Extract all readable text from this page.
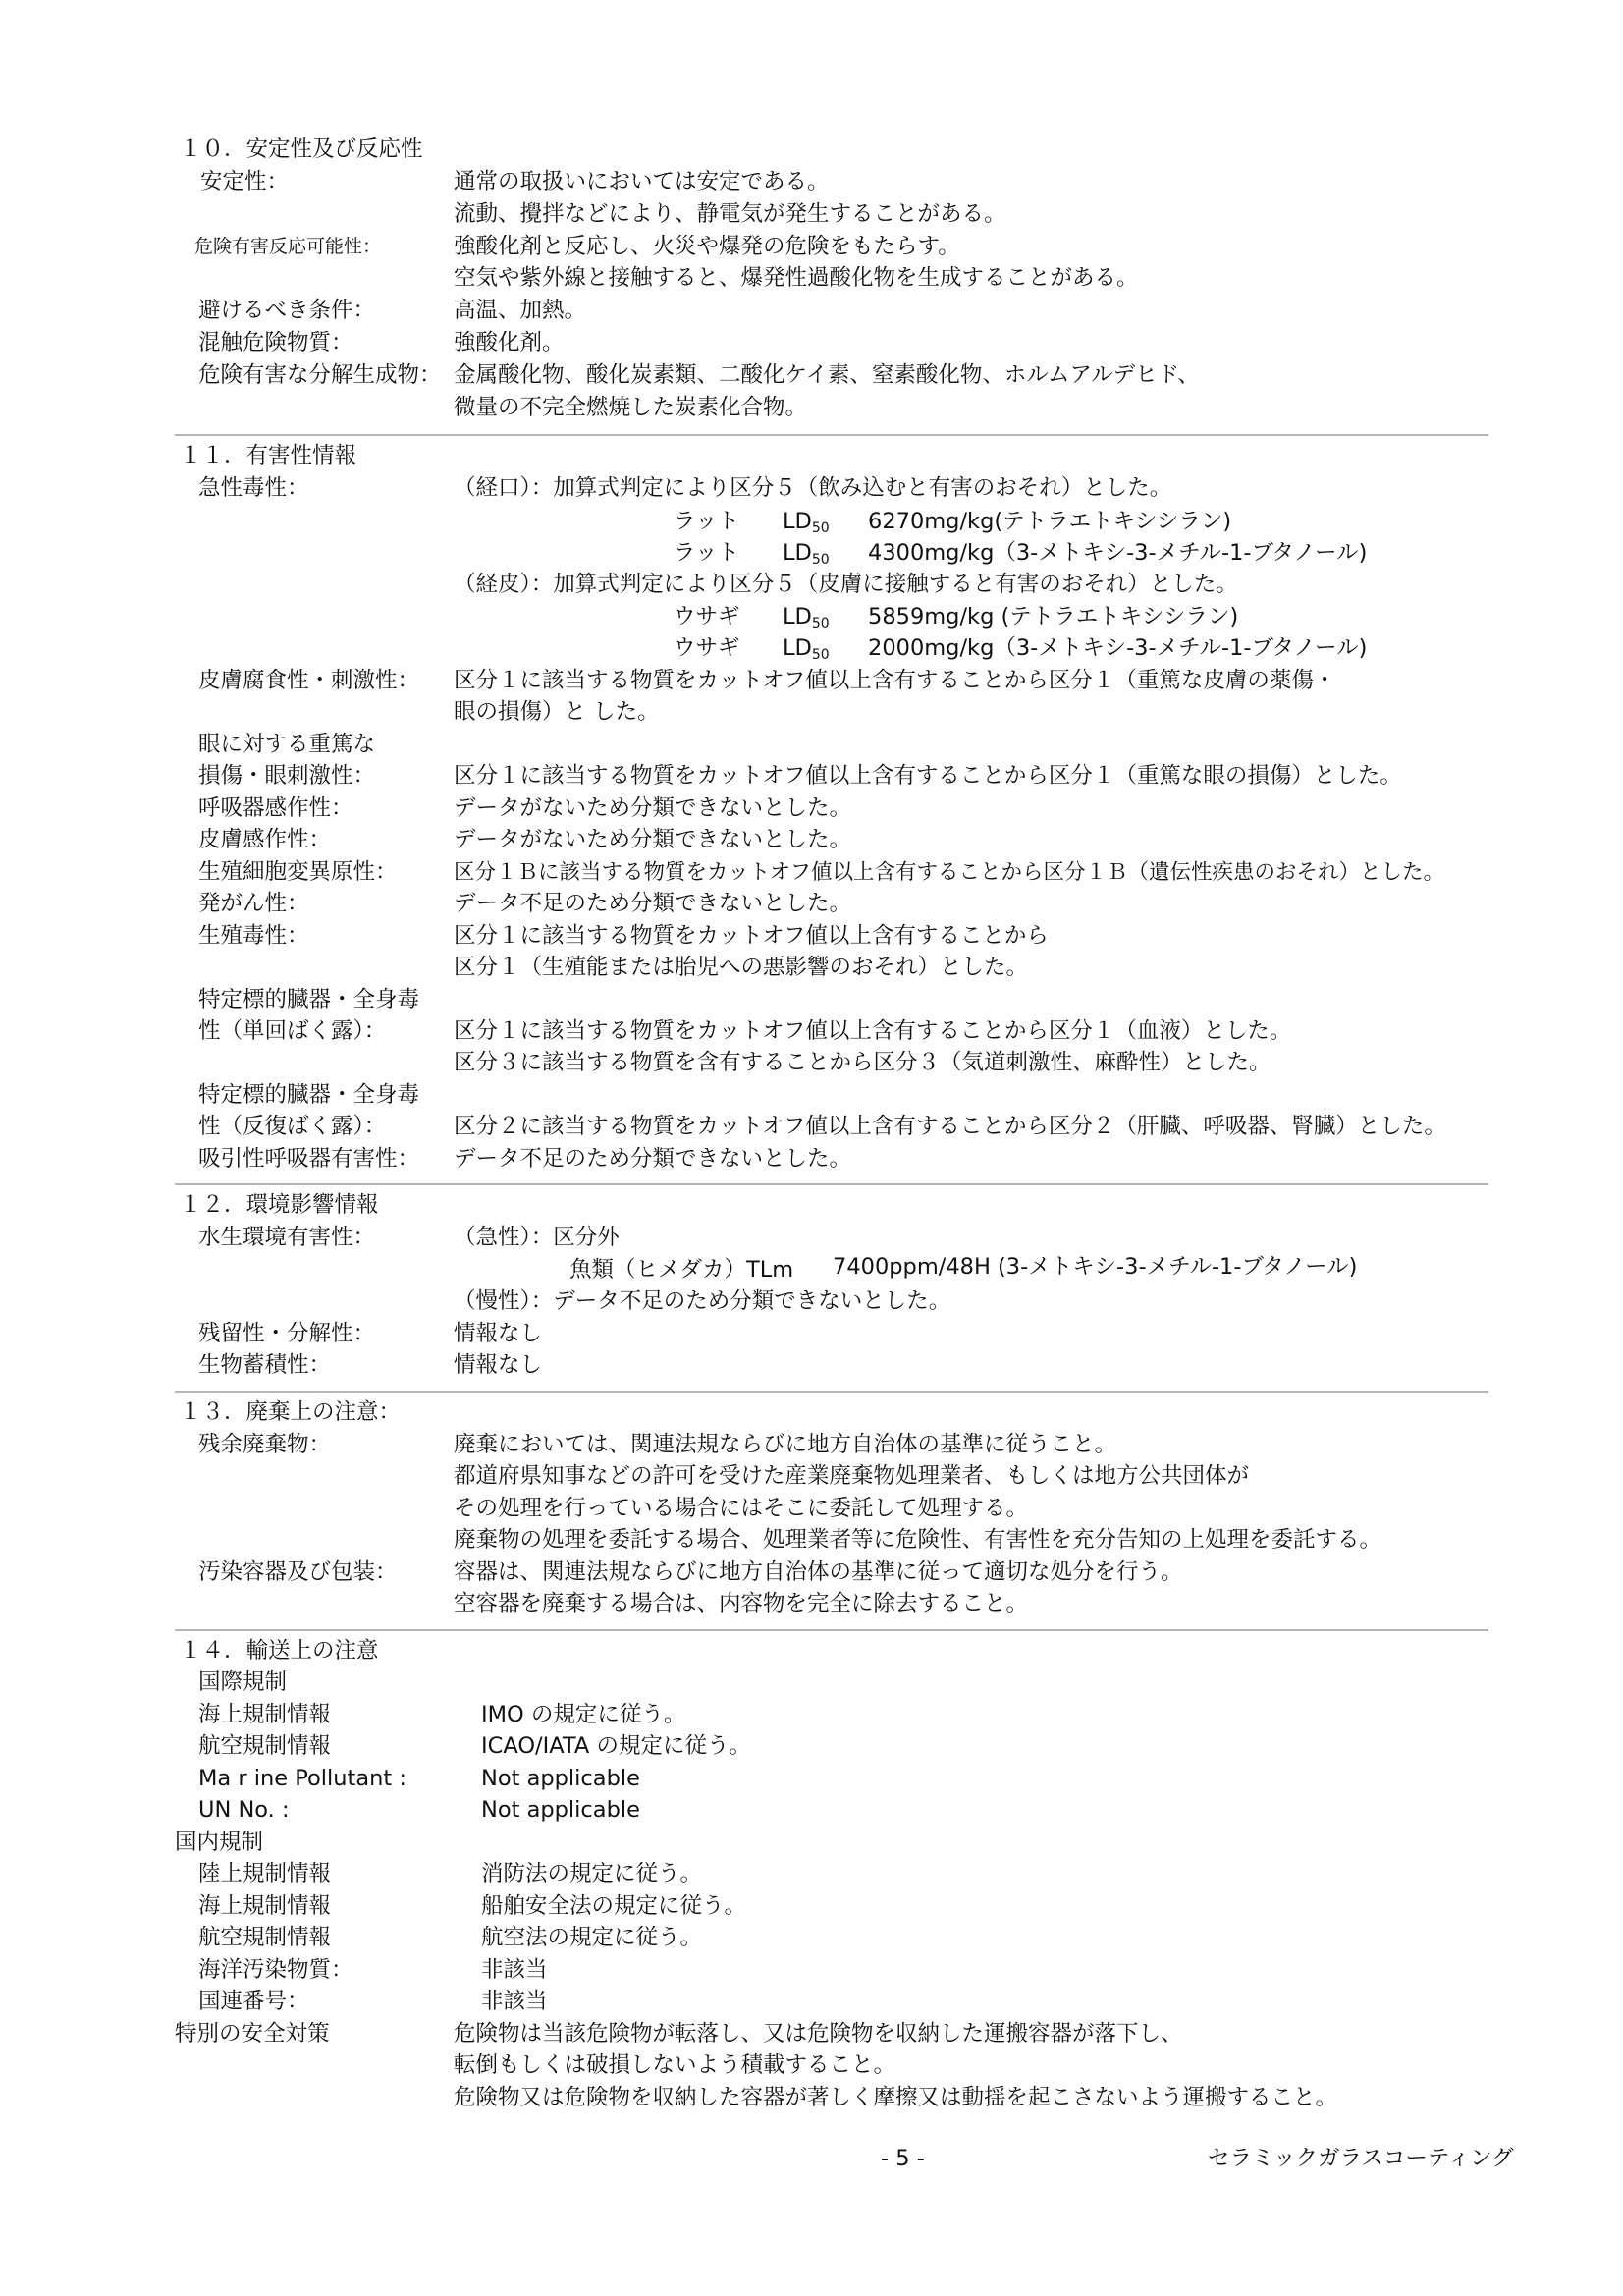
１０．安定性及び反応性
安定性：	通常の取扱いにおいては安定である。
流動、攪拌などにより、静電気が発生することがある。
危険有害反応可能性：	強酸化剤と反応し、火災や爆発の危険をもたらす。
空気や紫外線と接触すると、爆発性過酸化物を生成することがある。
避けるべき条件：	高温、加熱。
混触危険物質：	強酸化剤。
危険有害な分解生成物： 金属酸化物、酸化炭素類、二酸化ケイ素、窒素酸化物、ホルムアルデヒド、
微量の不完全燃焼した炭素化合物。
１１．有害性情報
急性毒性：	（経口）：加算式判定により区分５（飲み込むと有害のおそれ）とした。
ラット $LD_{50}$ 6270mg/kg(テトラエトキシシラン)
ラット $LD_{50}$ 4300mg/kg（3-メトキシ-3-メチル-1-ブタノール)
（経皮）：加算式判定により区分５（皮膚に接触すると有害のおそれ）とした。
ウサギ $LD_{50}$ 5859mg/kg (テトラエトキシシラン)
ウサギ $LD_{50}$ 2000mg/kg（3-メトキシ-3-メチル-1-ブタノール)
皮膚腐食性・刺激性： 区分１に該当する物質をカットオフ値以上含有することから区分１（重篤な皮膚の薬傷・
眼の損傷）と した。
眼に対する重篤な
損傷・眼刺激性：	区分１に該当する物質をカットオフ値以上含有することから区分１（重篤な眼の損傷）とした。
呼吸器感作性：	データがないため分類できないとした。
皮膚感作性：	データがないため分類できないとした。
生殖細胞変異原性：	区分１Ｂに該当する物質をカットオフ値以上含有することから区分１Ｂ（遺伝性疾患のおそれ）とした。
発がん性：	データ不足のため分類できないとした。
生殖毒性：	区分１に該当する物質をカットオフ値以上含有することから
区分１（生殖能または胎児への悪影響のおそれ）とした。
特定標的臓器・全身毒
性（単回ばく露）：	区分１に該当する物質をカットオフ値以上含有することから区分１（血液）とした。
区分３に該当する物質を含有することから区分３（気道刺激性、麻酔性）とした。
特定標的臓器・全身毒
性（反復ばく露）：	区分２に該当する物質をカットオフ値以上含有することから区分２（肝臓、呼吸器、腎臓）とした。
吸引性呼吸器有害性： データ不足のため分類できないとした。
１２．環境影響情報
水生環境有害性：	（急性）：区分外
魚類（ヒメダカ）TLm 7400ppm/48H (3-メトキシ-3-メチル-1-ブタノール)
（慢性）：データ不足のため分類できないとした。
残留性・分解性：	情報なし
生物蓄積性：	情報なし
１３．廃棄上の注意：
残余廃棄物：	廃棄においては、関連法規ならびに地方自治体の基準に従うこと。
都道府県知事などの許可を受けた産業廃棄物処理業者、もしくは地方公共団体が
その処理を行っている場合にはそこに委託して処理する。
廃棄物の処理を委託する場合、処理業者等に危険性、有害性を充分告知の上処理を委託する。
汚染容器及び包装：	容器は、関連法規ならびに地方自治体の基準に従って適切な処分を行う。
空容器を廃棄する場合は、内容物を完全に除去すること。
１４．輸送上の注意
国際規制
海上規制情報	IMO の規定に従う。
航空規制情報	ICAO/IATA の規定に従う。
Ma r ine Pollutant :	Not applicable
UN No. :	Not applicable
国内規制
陸上規制情報	消防法の規定に従う。
海上規制情報	船舶安全法の規定に従う。
航空規制情報	航空法の規定に従う。
海洋汚染物質：	非該当
国連番号：	非該当
特別の安全対策	危険物は当該危険物が転落し、又は危険物を収納した運搬容器が落下し、
転倒もしくは破損しないよう積載すること。
危険物又は危険物を収納した容器が著しく摩擦又は動揺を起こさないよう運搬すること。
- 5 -	セラミックガラスコーティング
